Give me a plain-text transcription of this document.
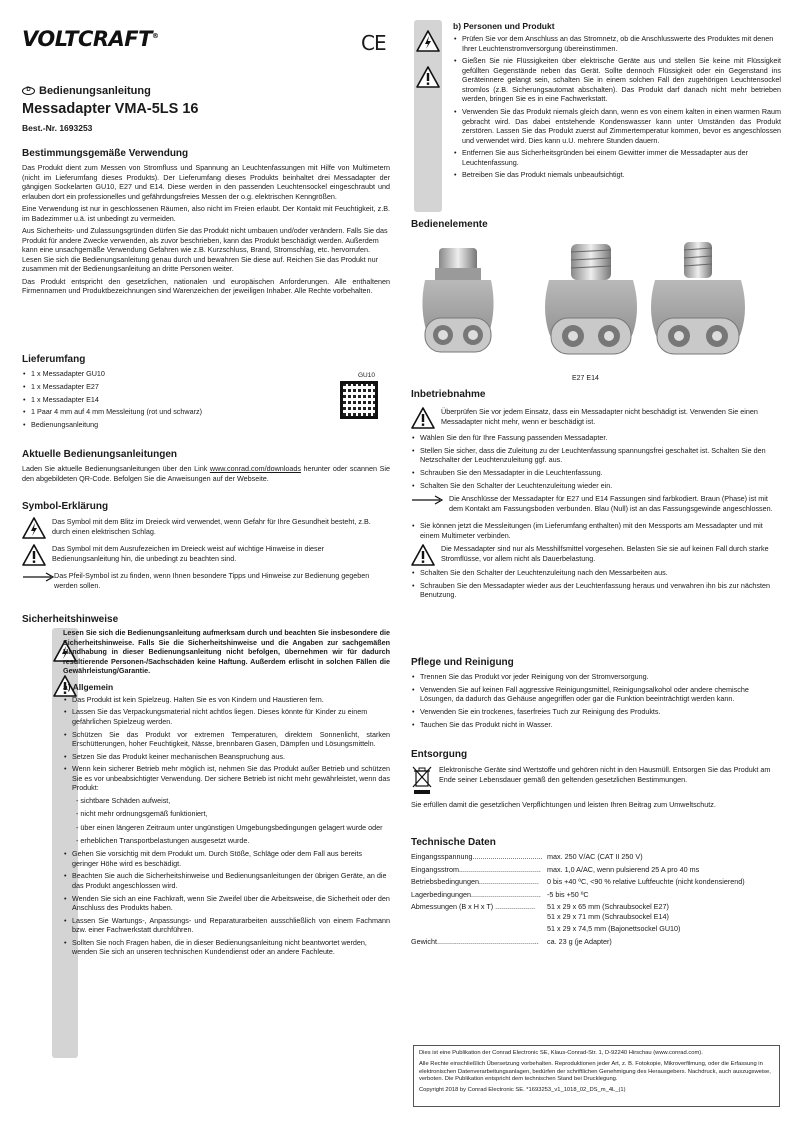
VOLTCRAFT®	CE
D Bedienungsanleitung
Messadapter VMA-5LS 16
Best.-Nr. 1693253
Bestimmungsgemäße Verwendung

Das Produkt dient zum Messen von Stromfluss und Spannung an Leuchtenfassungen mit Hilfe von Multimetern (nicht im Lieferumfang dieses Produkts). Der Lieferumfang dieses Produkts beinhaltet drei Messadapter der gängigen Sockelarten GU10, E27 und E14. Diese werden in den passenden Leuchtensockel eingeschraubt und erlauben dort ein professionelles und gefährdungsfreies Messen der o.g. elektrischen Kenngrößen.

Eine Verwendung ist nur in geschlossenen Räumen, also nicht im Freien erlaubt. Der Kontakt mit Feuchtigkeit, z.B. im Badezimmer u.ä. ist unbedingt zu vermeiden.

Aus Sicherheits- und Zulassungsgründen dürfen Sie das Produkt nicht umbauen und/oder verändern. Falls Sie das Produkt für andere Zwecke verwenden, als zuvor beschrieben, kann das Produkt beschädigt werden. Außerdem kann eine unsachgemäße Verwendung Gefahren wie z.B. Kurzschluss, Brand, Stromschlag, etc. hervorrufen. Lesen Sie sich die Bedienungsanleitung genau durch und bewahren Sie diese auf. Reichen Sie das Produkt nur zusammen mit der Bedienungsanleitung an dritte Personen weiter.

Das Produkt entspricht den gesetzlichen, nationalen und europäischen Anforderungen. Alle enthaltenen Firmennamen und Produktbezeichnungen sind Warenzeichen der jeweiligen Inhaber. Alle Rechte vorbehalten.

Lieferumfang
• 1 x Messadapter GU10
• 1 x Messadapter E27
• 1 x Messadapter E14
• 1 Paar 4 mm auf 4 mm Messleitung (rot und schwarz)
• Bedienungsanleitung
GU10
Aktuelle Bedienungsanleitungen

Laden Sie aktuelle Bedienungsanleitungen über den Link www.conrad.com/downloads herunter oder scannen Sie den abgebildeten QR-Code. Befolgen Sie die Anweisungen auf der Webseite.

Symbol-Erklärung

Das Symbol mit dem Blitz im Dreieck wird verwendet, wenn Gefahr für Ihre Gesundheit besteht, z.B. durch einen elektrischen Schlag.

Das Symbol mit dem Ausrufezeichen im Dreieck weist auf wichtige Hinweise in dieser Bedienungsanleitung hin, die unbedingt zu beachten sind.

Das Pfeil-Symbol ist zu finden, wenn Ihnen besondere Tipps und Hinweise zur Bedienung gegeben werden sollen.

Sicherheitshinweise

Lesen Sie sich die Bedienungsanleitung aufmerksam durch und beachten Sie insbesondere die Sicherheitshinweise. Falls Sie die Sicherheitshinweise und die Angaben zur sachgemäßen Handhabung in dieser Bedienungsanleitung nicht befolgen, übernehmen wir für dadurch resultierende Personen-/Sachschäden keine Haftung. Außerdem erlischt in solchen Fällen die Gewährleistung/Garantie.

a) Allgemein
• Das Produkt ist kein Spielzeug. Halten Sie es von Kindern und Haustieren fern.
• Lassen Sie das Verpackungsmaterial nicht achtlos liegen. Dieses könnte für Kinder zu einem gefährlichen Spielzeug werden.
• Schützen Sie das Produkt vor extremen Temperaturen, direktem Sonnenlicht, starken Erschütterungen, hoher Feuchtigkeit, Nässe, brennbaren Gasen, Dämpfen und Lösungsmitteln.
• Setzen Sie das Produkt keiner mechanischen Beanspruchung aus.
• Wenn kein sicherer Betrieb mehr möglich ist, nehmen Sie das Produkt außer Betrieb und schützen Sie es vor unbeabsichtigter Verwendung. Der sichere Betrieb ist nicht mehr gewährleistet, wenn das Produkt:
- sichtbare Schäden aufweist,
- nicht mehr ordnungsgemäß funktioniert,
- über einen längeren Zeitraum unter ungünstigen Umgebungsbedingungen gelagert wurde oder
- erheblichen Transportbelastungen ausgesetzt wurde.
• Gehen Sie vorsichtig mit dem Produkt um. Durch Stöße, Schläge oder dem Fall aus bereits geringer Höhe wird es beschädigt.
• Beachten Sie auch die Sicherheitshinweise und Bedienungsanleitungen der übrigen Geräte, an die das Produkt angeschlossen wird.
• Wenden Sie sich an eine Fachkraft, wenn Sie Zweifel über die Arbeitsweise, die Sicherheit oder den Anschluss des Produkts haben.
• Lassen Sie Wartungs-, Anpassungs- und Reparaturarbeiten ausschließlich von einem Fachmann bzw. einer Fachwerkstatt durchführen.
• Sollten Sie noch Fragen haben, die in dieser Bedienungsanleitung nicht beantwortet werden, wenden Sie sich an unseren technischen Kundendienst oder an andere Fachleute.
b) Personen und Produkt
• Prüfen Sie vor dem Anschluss an das Stromnetz, ob die Anschlusswerte des Produktes mit denen Ihrer Leuchtenstromversorgung übereinstimmen.
• Gießen Sie nie Flüssigkeiten über elektrische Geräte aus und stellen Sie keine mit Flüssigkeit gefüllten Gegenstände neben das Gerät. Sollte dennoch Flüssigkeit oder ein Gegenstand ins Geräteinnere gelangt sein, schalten Sie in einem solchen Fall den zugehörigen Leuchtensockel stromlos (z.B. Sicherungsautomat abschalten). Das Produkt darf danach nicht mehr betrieben werden, bringen Sie es in eine Fachwerkstatt.
• Verwenden Sie das Produkt niemals gleich dann, wenn es von einem kalten in einen warmen Raum gebracht wird. Das dabei entstehende Kondenswasser kann unter Umständen das Produkt zerstören. Lassen Sie das Produkt zuerst auf Zimmertemperatur kommen, bevor es angeschlossen und verwendet wird. Dies kann u.U. mehrere Stunden dauern.
• Entfernen Sie aus Sicherheitsgründen bei einem Gewitter immer die Messadapter aus der Leuchtenfassung.
• Betreiben Sie das Produkt niemals unbeaufsichtigt.
Bedienelemente
E27 E14
Inbetriebnahme

Überprüfen Sie vor jedem Einsatz, dass ein Messadapter nicht beschädigt ist. Verwenden Sie einen Messadapter nicht mehr, wenn er beschädigt ist.

• Wählen Sie den für Ihre Fassung passenden Messadapter.
• Stellen Sie sicher, dass die Zuleitung zu der Leuchtenfassung spannungsfrei geschaltet ist. Schalten Sie den Netzschalter der Leuchtenzuleitung ggf. aus.
• Schrauben Sie den Messadapter in die Leuchtenfassung.
• Schalten Sie den Schalter der Leuchtenzuleitung wieder ein.

Die Anschlüsse der Messadapter für E27 und E14 Fassungen sind farbkodiert. Braun (Phase) ist mit dem Kontakt am Fassungsboden verbunden. Blau (Null) ist an das Fassungsgewinde angeschlossen.

• Sie können jetzt die Messleitungen (im Lieferumfang enthalten) mit den Messports am Messadapter und mit einem Multimeter verbinden.

Die Messadapter sind nur als Messhilfsmittel vorgesehen. Belasten Sie sie auf keinen Fall durch starke Stromflüsse, vor allem nicht als Dauerbelastung.

• Schalten Sie den Schalter der Leuchtenzuleitung nach den Messarbeiten aus.
• Schrauben Sie den Messadapter wieder aus der Leuchtenfassung heraus und verwahren ihn bis zur nächsten Benutzung.
Pflege und Reinigung
• Trennen Sie das Produkt vor jeder Reinigung von der Stromversorgung.
• Verwenden Sie auf keinen Fall aggressive Reinigungsmittel, Reinigungsalkohol oder andere chemische Lösungen, da dadurch das Gehäuse angegriffen oder gar die Funktion beeinträchtigt werden kann.
• Verwenden Sie ein trockenes, faserfreies Tuch zur Reinigung des Produkts.
• Tauchen Sie das Produkt nicht in Wasser.
Entsorgung

Elektronische Geräte sind Wertstoffe und gehören nicht in den Hausmüll. Entsorgen Sie das Produkt am Ende seiner Lebensdauer gemäß den geltenden gesetzlichen Bestimmungen.

Sie erfüllen damit die gesetzlichen Verpflichtungen und leisten Ihren Beitrag zum Umweltschutz.

Technische Daten
Eingangsspannung...................................	max. 250 V/AC (CAT II 250 V)
Eingangsstrom.........................................	max. 1,0 A/AC, wenn pulsierend 25 A pro 40 ms
Betriebsbedingungen..............................	0 bis +40 ºC, <90 % relative Luftfeuchte (nicht kondensierend)
Lagerbedingungen...................................	-5 bis +50 ºC
Abmessungen (B x H x T) ....................	51 x 29 x 65 mm (Schraubsockel E27)
	51 x 29 x 71 mm (Schraubsockel E14)
	51 x 29 x 74,5 mm (Bajonettsockel GU10)
Gewicht...................................................	ca. 23 g (je Adapter)

Dies ist eine Publikation der Conrad Electronic SE, Klaus-Conrad-Str. 1, D-92240 Hirschau (www.conrad.com).

Alle Rechte einschließlich Übersetzung vorbehalten. Reproduktionen jeder Art, z. B. Fotokopie, Mikroverfilmung, oder die Erfassung in elektronischen Datenverarbeitungsanlagen, bedürfen der schriftlichen Genehmigung des Herausgebers. Nachdruck, auch auszugsweise, verboten. Die Publikation entspricht dem technischen Stand bei Drucklegung.

Copyright 2018 by Conrad Electronic SE. *1693253_v1_1018_02_DS_m_4L_(1)
